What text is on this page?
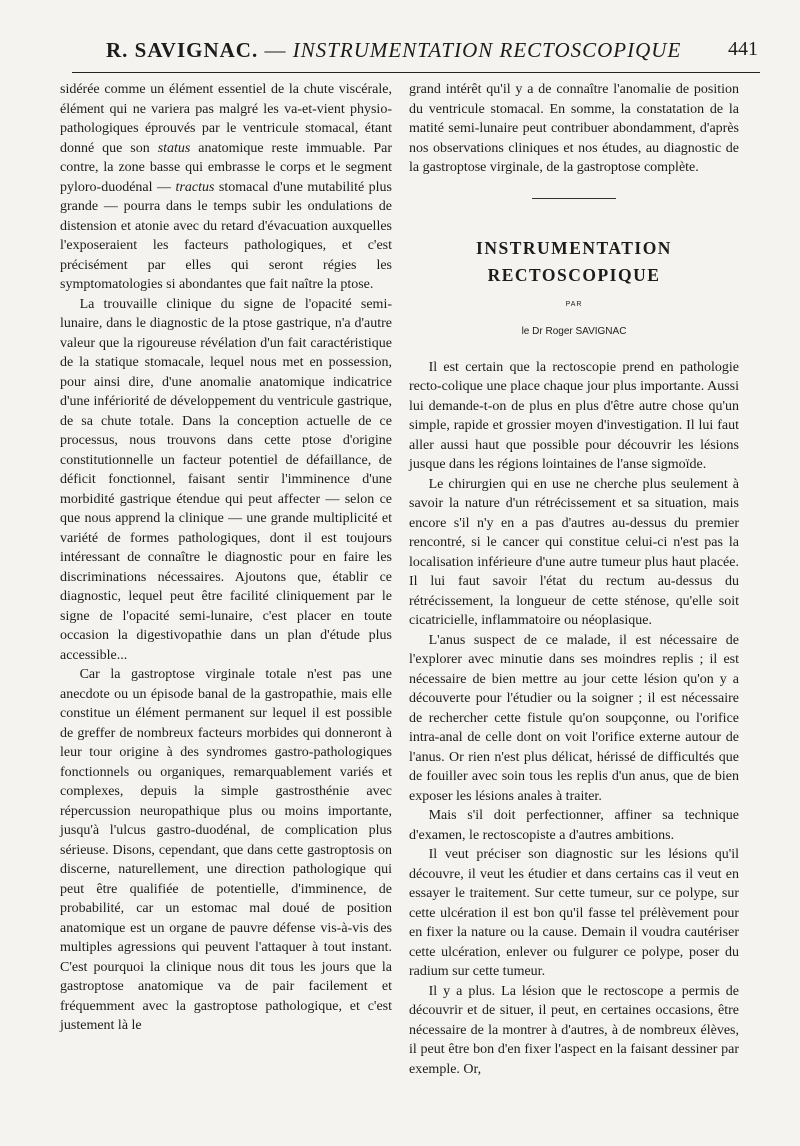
R. SAVIGNAC. — INSTRUMENTATION RECTOSCOPIQUE 441

sidérée comme un élément essentiel de la chute viscérale, élément qui ne variera pas malgré les va-et-vient physio-pathologiques éprouvés par le ventricule stomacal, étant donné que son status anatomique reste immuable. Par contre, la zone basse qui embrasse le corps et le segment pyloro-duodénal — tractus stomacal d'une mutabilité plus grande — pourra dans le temps subir les ondulations de distension et atonie avec du retard d'évacuation auxquelles l'exposeraient les facteurs pathologiques, et c'est précisément par elles qui seront régies les symptomatologies si abondantes que fait naître la ptose.

La trouvaille clinique du signe de l'opacité semi-lunaire, dans le diagnostic de la ptose gastrique, n'a d'autre valeur que la rigoureuse révélation d'un fait caractéristique de la statique stomacale, lequel nous met en possession, pour ainsi dire, d'une anomalie anatomique indicatrice d'une infériorité de développement du ventricule gastrique, de sa chute totale. Dans la conception actuelle de ce processus, nous trouvons dans cette ptose d'origine constitutionnelle un facteur potentiel de défaillance, de déficit fonctionnel, faisant sentir l'imminence d'une morbidité gastrique étendue qui peut affecter — selon ce que nous apprend la clinique — une grande multiplicité et variété de formes pathologiques, dont il est toujours intéressant de connaître le diagnostic pour en faire les discriminations nécessaires. Ajoutons que, établir ce diagnostic, lequel peut être facilité cliniquement par le signe de l'opacité semi-lunaire, c'est placer en toute occasion la digestivopathie dans un plan d'étude plus accessible...

Car la gastroptose virginale totale n'est pas une anecdote ou un épisode banal de la gastropathie, mais elle constitue un élément permanent sur lequel il est possible de greffer de nombreux facteurs morbides qui donneront à leur tour origine à des syndromes gastro-pathologiques fonctionnels ou organiques, remarquablement variés et complexes, depuis la simple gastrosthénie avec répercussion neuropathique plus ou moins importante, jusqu'à l'ulcus gastro-duodénal, de complication plus sérieuse. Disons, cependant, que dans cette gastroptosis on discerne, naturellement, une direction pathologique qui peut être qualifiée de potentielle, d'imminence, de probabilité, car un estomac mal doué de position anatomique est un organe de pauvre défense vis-à-vis des multiples agressions qui peuvent l'attaquer à tout instant. C'est pourquoi la clinique nous dit tous les jours que la gastroptose anatomique va de pair facilement et fréquemment avec la gastroptose pathologique, et c'est justement là le

grand intérêt qu'il y a de connaître l'anomalie de position du ventricule stomacal. En somme, la constatation de la matité semi-lunaire peut contribuer abondamment, d'après nos observations cliniques et nos études, au diagnostic de la gastroptose virginale, de la gastroptose complète.

INSTRUMENTATION
RECTOSCOPIQUE
PAR
le Dr Roger SAVIGNAC

Il est certain que la rectoscopie prend en pathologie recto-colique une place chaque jour plus importante. Aussi lui demande-t-on de plus en plus d'être autre chose qu'un simple, rapide et grossier moyen d'investigation. Il lui faut aller aussi haut que possible pour découvrir les lésions jusque dans les régions lointaines de l'anse sigmoïde.

Le chirurgien qui en use ne cherche plus seulement à savoir la nature d'un rétrécissement et sa situation, mais encore s'il n'y en a pas d'autres au-dessus du premier rencontré, si le cancer qui constitue celui-ci n'est pas la localisation inférieure d'une autre tumeur plus haut placée. Il lui faut savoir l'état du rectum au-dessus du rétrécissement, la longueur de cette sténose, qu'elle soit cicatricielle, inflammatoire ou néoplasique.

L'anus suspect de ce malade, il est nécessaire de l'explorer avec minutie dans ses moindres replis ; il est nécessaire de bien mettre au jour cette lésion qu'on y a découverte pour l'étudier ou la soigner ; il est nécessaire de rechercher cette fistule qu'on soupçonne, ou l'orifice intra-anal de celle dont on voit l'orifice externe autour de l'anus. Or rien n'est plus délicat, hérissé de difficultés que de fouiller avec soin tous les replis d'un anus, que de bien exposer les lésions anales à traiter.

Mais s'il doit perfectionner, affiner sa technique d'examen, le rectoscopiste a d'autres ambitions.

Il veut préciser son diagnostic sur les lésions qu'il découvre, il veut les étudier et dans certains cas il veut en essayer le traitement. Sur cette tumeur, sur ce polype, sur cette ulcération il est bon qu'il fasse tel prélèvement pour en fixer la nature ou la cause. Demain il voudra cautériser cette ulcération, enlever ou fulgurer ce polype, poser du radium sur cette tumeur.

Il y a plus. La lésion que le rectoscope a permis de découvrir et de situer, il peut, en certaines occasions, être nécessaire de la montrer à d'autres, à de nombreux élèves, il peut être bon d'en fixer l'aspect en la faisant dessiner par exemple. Or,
